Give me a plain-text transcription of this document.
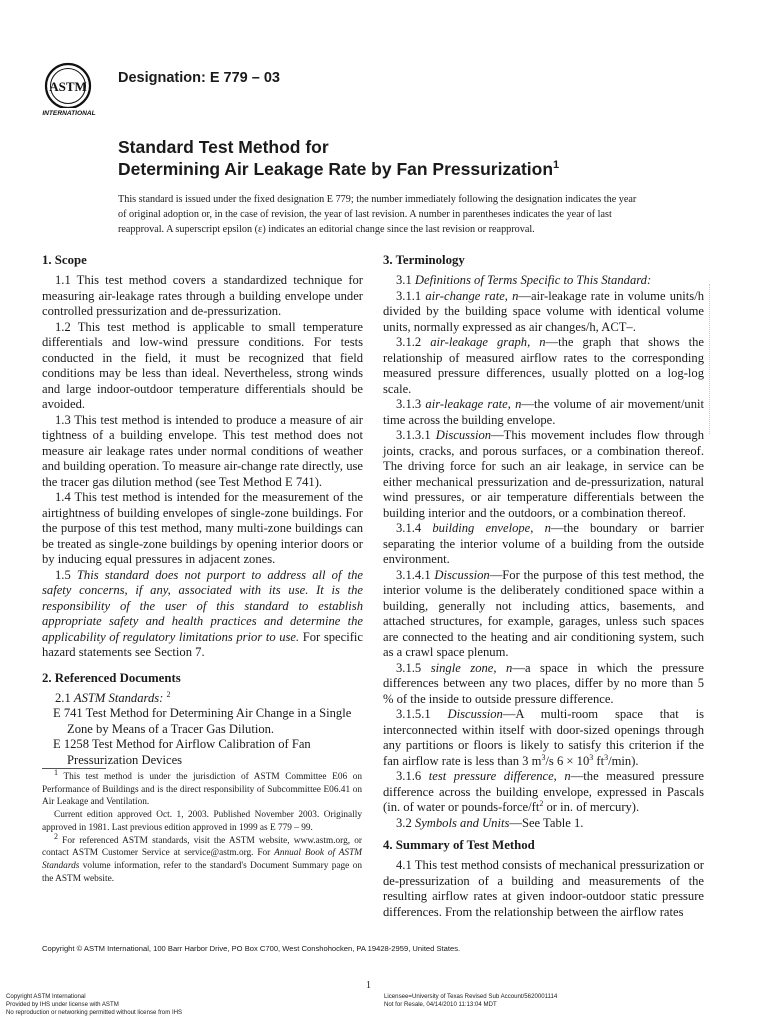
ASTM
INTERNATIONAL
Designation: E 779 – 03
Standard Test Method for
Determining Air Leakage Rate by Fan Pressurization$^1$
This standard is issued under the fixed designation E 779; the number immediately following the designation indicates the year of original adoption or, in the case of revision, the year of last revision. A number in parentheses indicates the year of last reapproval. A superscript epsilon (ε) indicates an editorial change since the last revision or reapproval.
1. Scope

1.1 This test method covers a standardized technique for measuring air-leakage rates through a building envelope under controlled pressurization and de-pressurization.

1.2 This test method is applicable to small temperature differentials and low-wind pressure conditions. For tests conducted in the field, it must be recognized that field conditions may be less than ideal. Nevertheless, strong winds and large indoor-outdoor temperature differentials should be avoided.

1.3 This test method is intended to produce a measure of air tightness of a building envelope. This test method does not measure air leakage rates under normal conditions of weather and building operation. To measure air-change rate directly, use the tracer gas dilution method (see Test Method E 741).

1.4 This test method is intended for the measurement of the airtightness of building envelopes of single-zone buildings. For the purpose of this test method, many multi-zone buildings can be treated as single-zone buildings by opening interior doors or by inducing equal pressures in adjacent zones.

1.5 This standard does not purport to address all of the safety concerns, if any, associated with its use. It is the responsibility of the user of this standard to establish appropriate safety and health practices and determine the applicability of regulatory limitations prior to use. For specific hazard statements see Section 7.

2. Referenced Documents

2.1 ASTM Standards: $^2$

E 741 Test Method for Determining Air Change in a Single Zone by Means of a Tracer Gas Dilution.

E 1258 Test Method for Airflow Calibration of Fan Pressurization Devices

$^1$ This test method is under the jurisdiction of ASTM Committee E06 on Performance of Buildings and is the direct responsibility of Subcommittee E06.41 on Air Leakage and Ventilation.

Current edition approved Oct. 1, 2003. Published November 2003. Originally approved in 1981. Last previous edition approved in 1999 as E 779 – 99.

$^2$ For referenced ASTM standards, visit the ASTM website, www.astm.org, or contact ASTM Customer Service at service@astm.org. For Annual Book of ASTM Standards volume information, refer to the standard's Document Summary page on the ASTM website.

3. Terminology

3.1 Definitions of Terms Specific to This Standard:

3.1.1 air-change rate, n—air-leakage rate in volume units/h divided by the building space volume with identical volume units, normally expressed as air changes/h, ACT–.

3.1.2 air-leakage graph, n—the graph that shows the relationship of measured airflow rates to the corresponding measured pressure differences, usually plotted on a log-log scale.

3.1.3 air-leakage rate, n—the volume of air movement/unit time across the building envelope.

3.1.3.1 Discussion—This movement includes flow through joints, cracks, and porous surfaces, or a combination thereof. The driving force for such an air leakage, in service can be either mechanical pressurization and de-pressurization, natural wind pressures, or air temperature differentials between the building interior and the outdoors, or a combination thereof.

3.1.4 building envelope, n—the boundary or barrier separating the interior volume of a building from the outside environment.

3.1.4.1 Discussion—For the purpose of this test method, the interior volume is the deliberately conditioned space within a building, generally not including attics, basements, and attached structures, for example, garages, unless such spaces are connected to the heating and air conditioning system, such as a crawl space plenum.

3.1.5 single zone, n—a space in which the pressure differences between any two places, differ by no more than 5 % of the inside to outside pressure difference.

3.1.5.1 Discussion—A multi-room space that is interconnected within itself with door-sized openings through any partitions or floors is likely to satisfy this criterion if the fan airflow rate is less than 3 $m^3/s$ $6 \times 10^3$ $ft^3/\min$).

3.1.6 test pressure difference, n—the measured pressure difference across the building envelope, expressed in Pascals (in. of water or pounds-$force/ft^2$ or in. of mercury).

3.2 Symbols and Units—See Table 1.

4. Summary of Test Method

4.1 This test method consists of mechanical pressurization or de-pressurization of a building and measurements of the resulting airflow rates at given indoor-outdoor static pressure differences. From the relationship between the airflow rates

Copyright © ASTM International, 100 Barr Harbor Drive, PO Box C700, West Conshohocken, PA 19428-2959, United States.
1
Copyright ASTM International
Provided by IHS under license with ASTM
No reproduction or networking permitted without license from IHS
Licensee=University of Texas Revised Sub Account/5620001114
Not for Resale, 04/14/2010 11:13:04 MDT
